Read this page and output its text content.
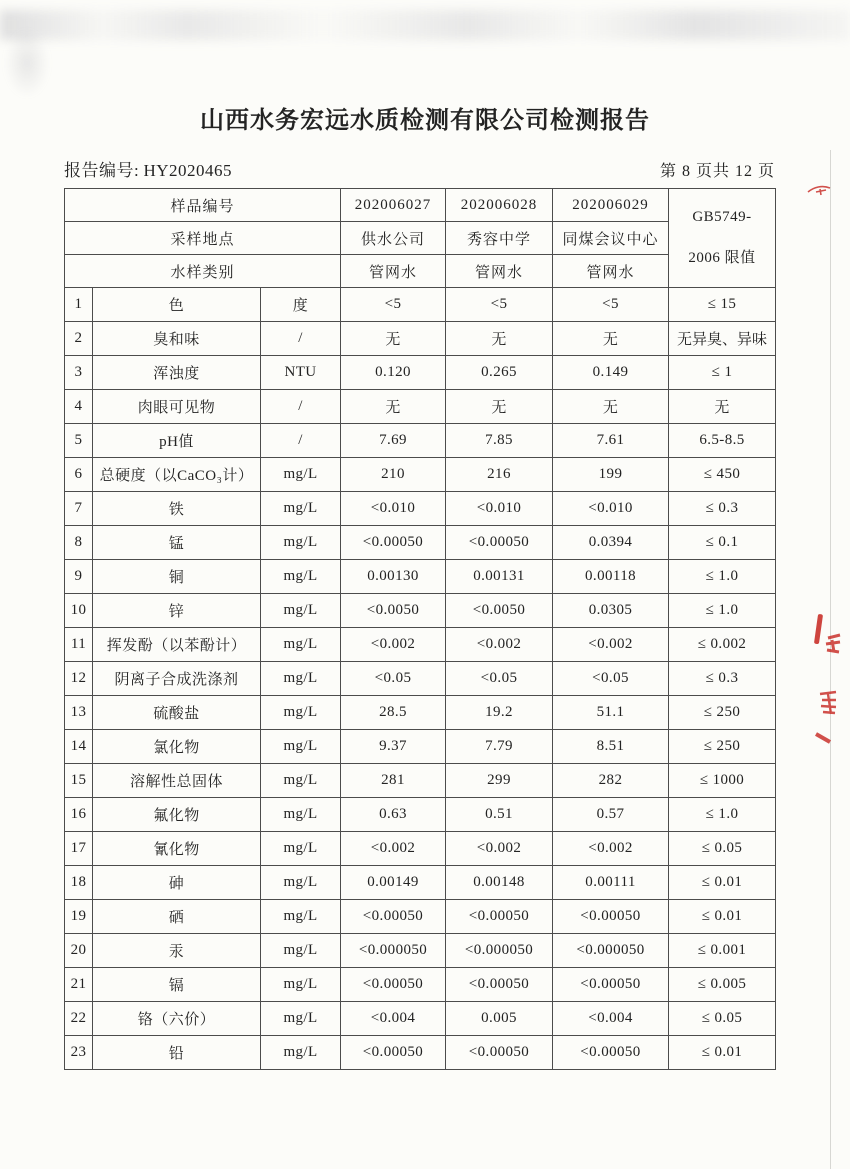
山西水务宏远水质检测有限公司检测报告
报告编号: HY2020465	第 8 页共 12 页
样品编号			202006027	202006028	202006029	GB5749-
2006 限值

采样地点			供水公司	秀容中学	同煤会议中心	
水样类别			管网水	管网水	管网水	
1	色	度	<5	<5	<5	≤ 15
2	臭和味	/	无	无	无	无异臭、异味
3	浑浊度	NTU	0.120	0.265	0.149	≤ 1
4	肉眼可见物	/	无	无	无	无
5	pH值	/	7.69	7.85	7.61	6.5-8.5
6	总硬度（以CaCO₃计）	mg/L	210	216	199	≤ 450
7	铁	mg/L	<0.010	<0.010	<0.010	≤ 0.3
8	锰	mg/L	<0.00050	<0.00050	0.0394	≤ 0.1
9	铜	mg/L	0.00130	0.00131	0.00118	≤ 1.0
10	锌	mg/L	<0.0050	<0.0050	0.0305	≤ 1.0
11	挥发酚（以苯酚计）	mg/L	<0.002	<0.002	<0.002	≤ 0.002
12	阴离子合成洗涤剂	mg/L	<0.05	<0.05	<0.05	≤ 0.3
13	硫酸盐	mg/L	28.5	19.2	51.1	≤ 250
14	氯化物	mg/L	9.37	7.79	8.51	≤ 250
15	溶解性总固体	mg/L	281	299	282	≤ 1000
16	氟化物	mg/L	0.63	0.51	0.57	≤ 1.0
17	氰化物	mg/L	<0.002	<0.002	<0.002	≤ 0.05
18	砷	mg/L	0.00149	0.00148	0.00111	≤ 0.01
19	硒	mg/L	<0.00050	<0.00050	<0.00050	≤ 0.01
20	汞	mg/L	<0.000050	<0.000050	<0.000050	≤ 0.001
21	镉	mg/L	<0.00050	<0.00050	<0.00050	≤ 0.005
22	铬（六价）	mg/L	<0.004	0.005	<0.004	≤ 0.05
23	铅	mg/L	<0.00050	<0.00050	<0.00050	≤ 0.01
